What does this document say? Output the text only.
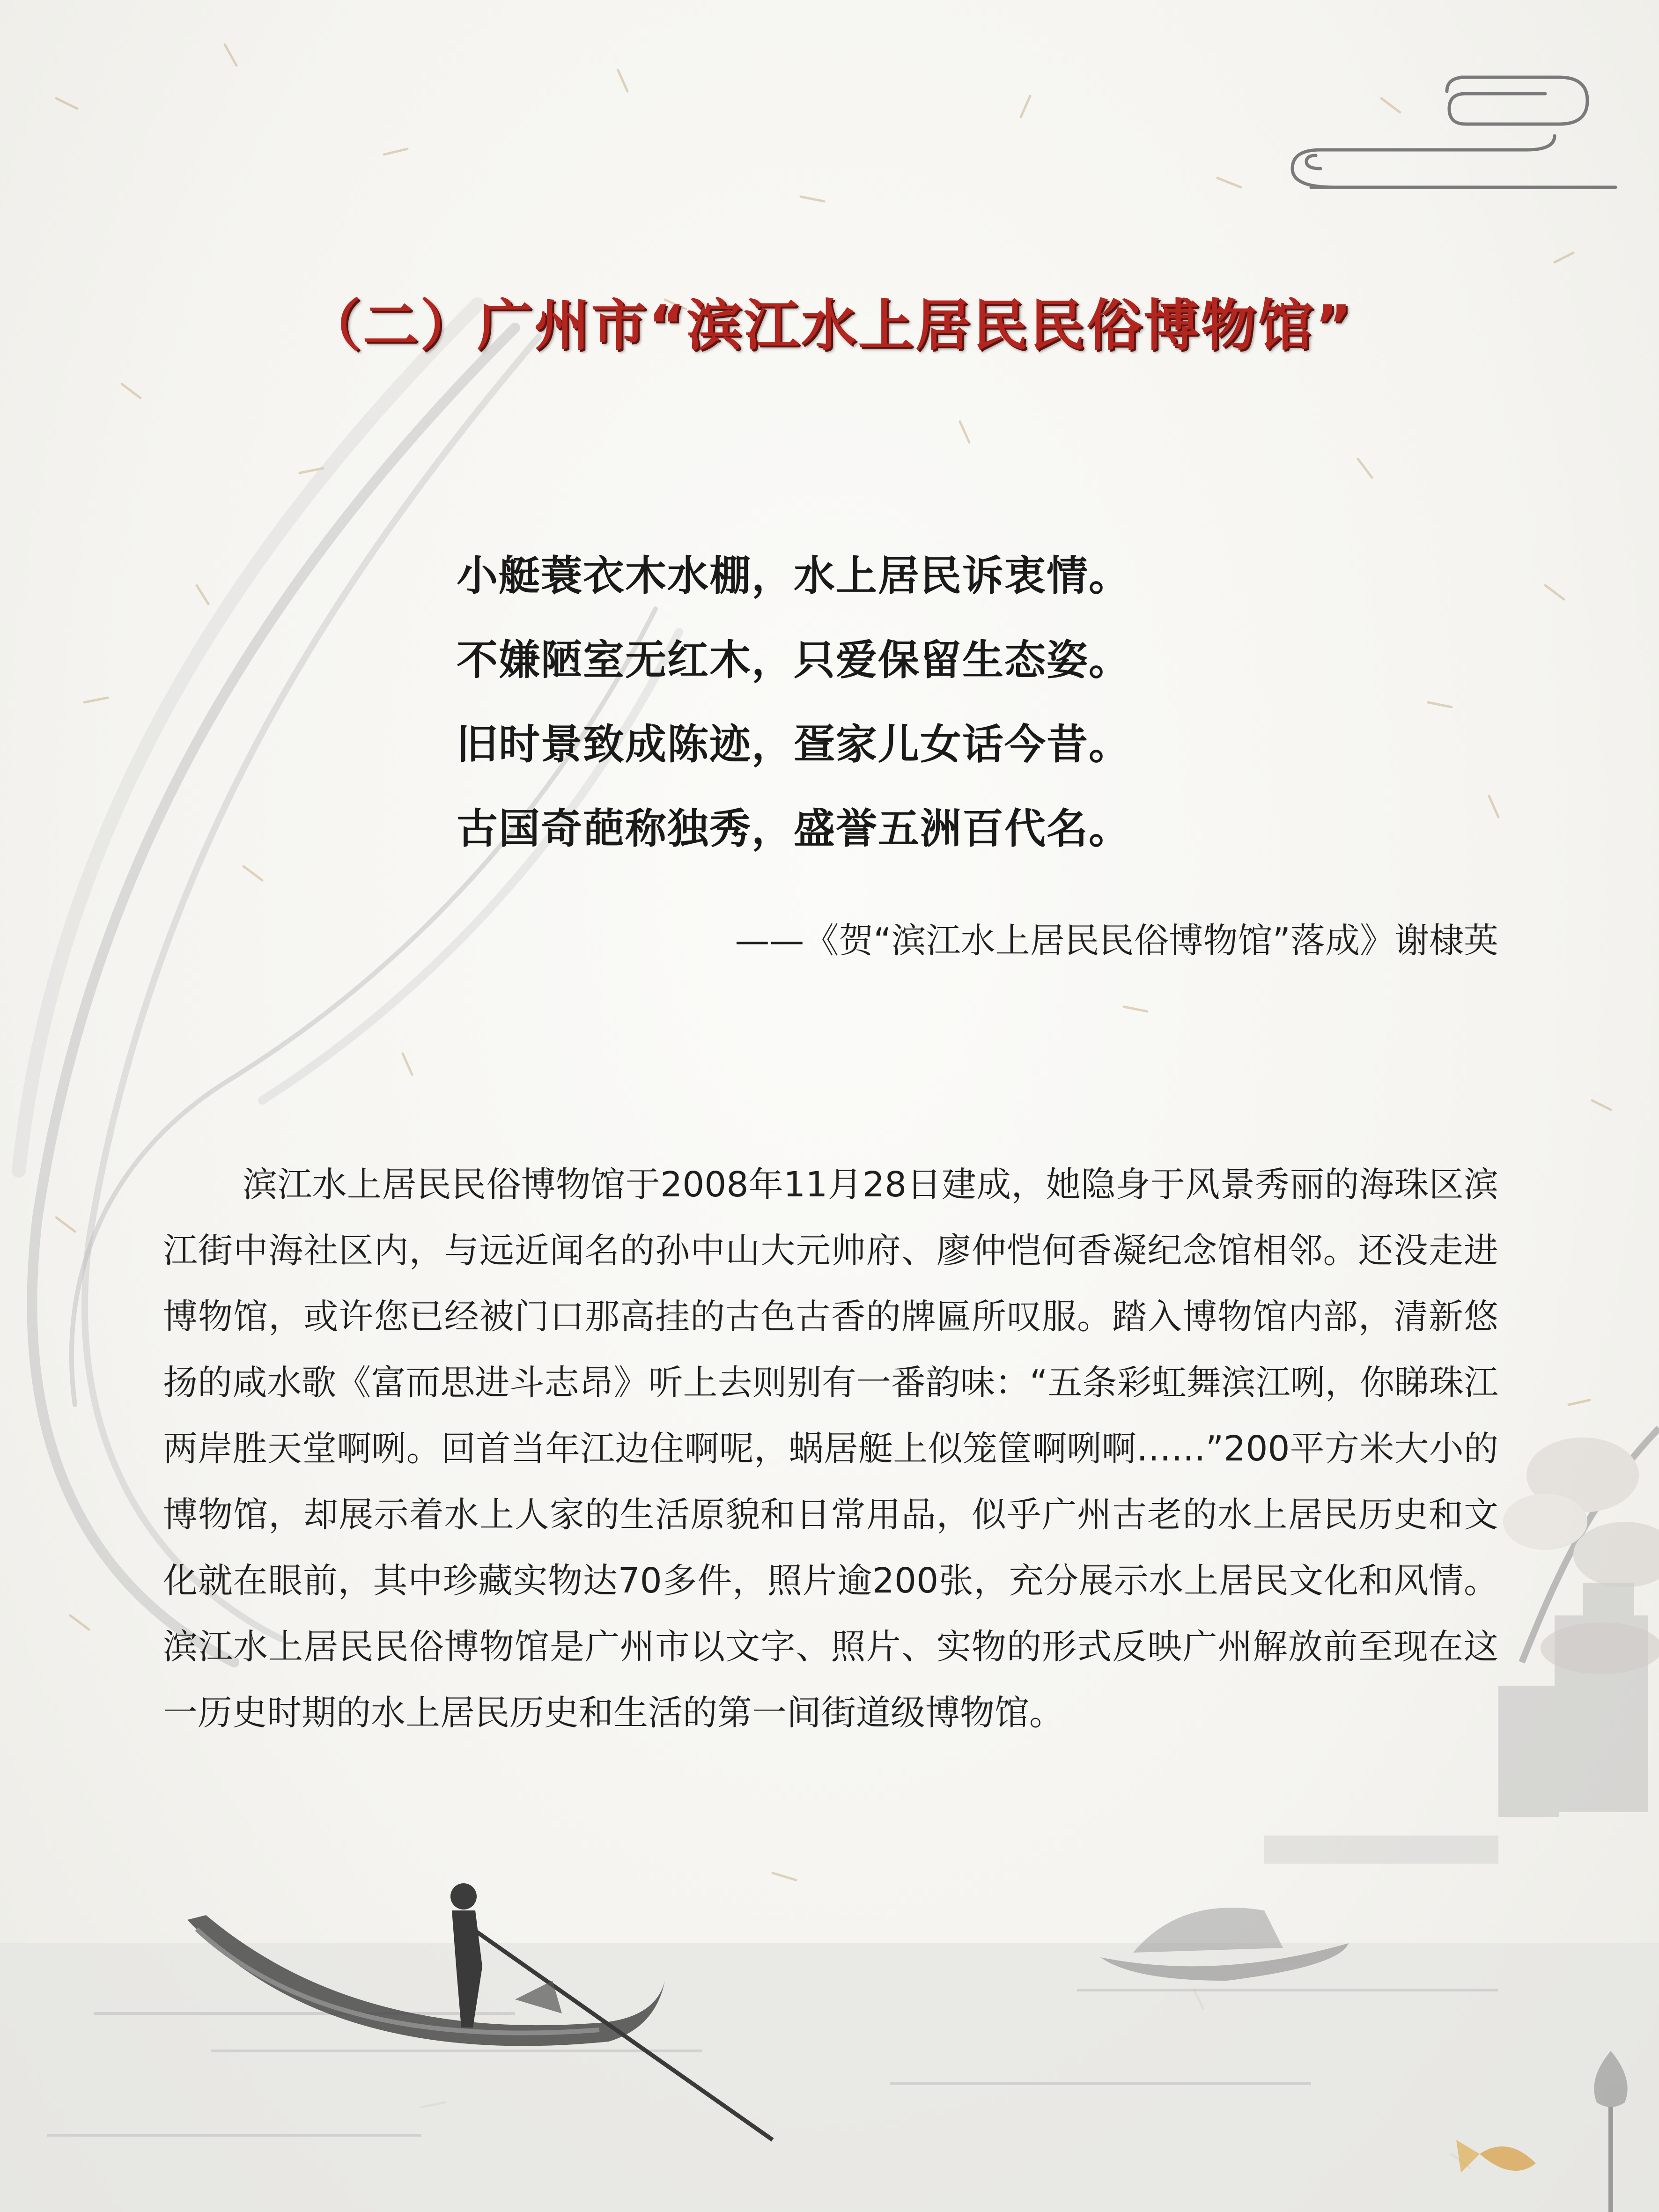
（二）广州市“滨江水上居民民俗博物馆”
小艇蓑衣木水棚，水上居民诉衷情。
不嫌陋室无红木，只爱保留生态姿。
旧时景致成陈迹，疍家儿女话今昔。
古国奇葩称独秀，盛誉五洲百代名。
——《贺“滨江水上居民民俗博物馆”落成》谢棣英

滨江水上居民民俗博物馆于2008年11月28日建成，她隐身于风景秀丽的海珠区滨江街中海社区内，与远近闻名的孙中山大元帅府、廖仲恺何香凝纪念馆相邻。还没走进博物馆，或许您已经被门口那高挂的古色古香的牌匾所叹服。踏入博物馆内部，清新悠扬的咸水歌《富而思进斗志昂》听上去则别有一番韵味：“五条彩虹舞滨江咧，你睇珠江两岸胜天堂啊咧。回首当年江边住啊呢，蜗居艇上似笼筐啊咧啊……”200平方米大小的博物馆，却展示着水上人家的生活原貌和日常用品，似乎广州古老的水上居民历史和文化就在眼前，其中珍藏实物达70多件，照片逾200张，充分展示水上居民文化和风情。滨江水上居民民俗博物馆是广州市以文字、照片、实物的形式反映广州解放前至现在这一历史时期的水上居民历史和生活的第一间街道级博物馆。
